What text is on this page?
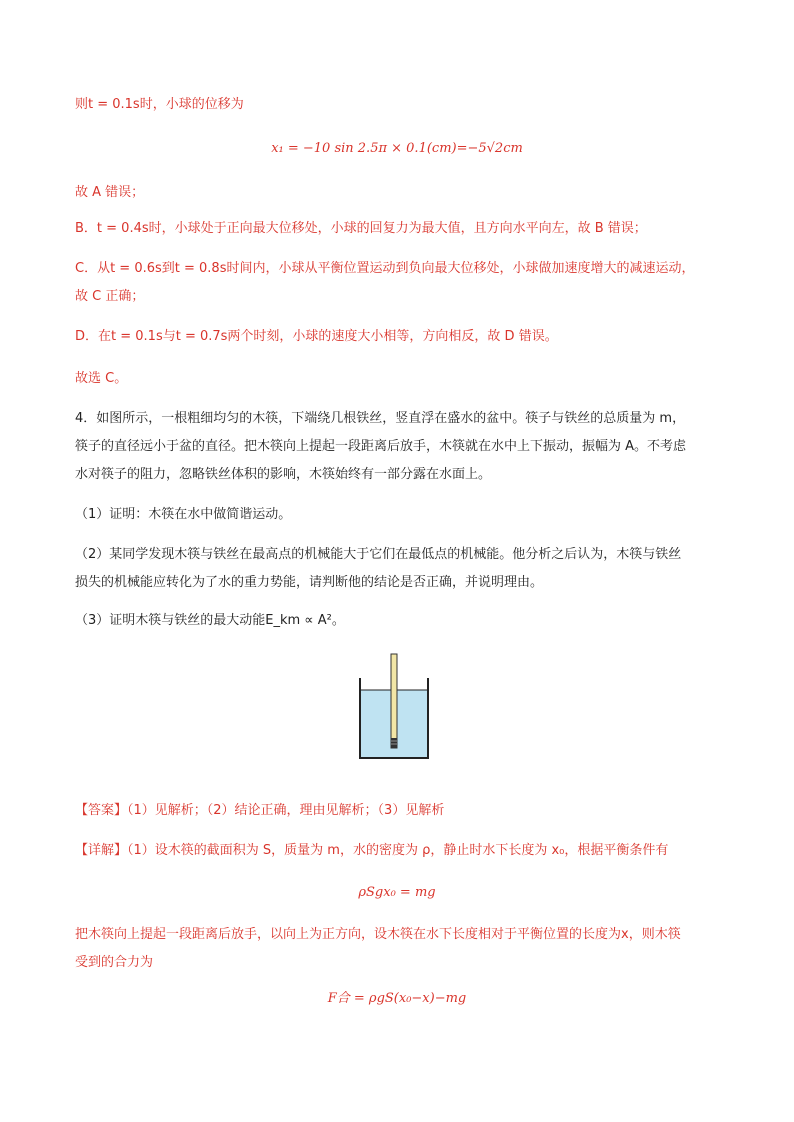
则t = 0.1s时，小球的位移为
x₁ = −10 sin 2.5π × 0.1(cm)=−5√2cm
故 A 错误；
B．t = 0.4s时，小球处于正向最大位移处，小球的回复力为最大值，且方向水平向左，故 B 错误；
C．从t = 0.6s到t = 0.8s时间内，小球从平衡位置运动到负向最大位移处，小球做加速度增大的减速运动，
故 C 正确；
D．在t = 0.1s与t = 0.7s两个时刻，小球的速度大小相等，方向相反，故 D 错误。
故选 C。
4．如图所示，一根粗细均匀的木筷，下端绕几根铁丝，竖直浮在盛水的盆中。筷子与铁丝的总质量为 m，
筷子的直径远小于盆的直径。把木筷向上提起一段距离后放手，木筷就在水中上下振动，振幅为 A。不考虑
水对筷子的阻力，忽略铁丝体积的影响，木筷始终有一部分露在水面上。
（1）证明：木筷在水中做简谐运动。
（2）某同学发现木筷与铁丝在最高点的机械能大于它们在最低点的机械能。他分析之后认为，木筷与铁丝
损失的机械能应转化为了水的重力势能，请判断他的结论是否正确，并说明理由。
（3）证明木筷与铁丝的最大动能E_km ∝ A²。
【答案】（1）见解析；（2）结论正确，理由见解析；（3）见解析
【详解】（1）设木筷的截面积为 S，质量为 m，水的密度为 ρ，静止时水下长度为 x₀，根据平衡条件有
ρSgx₀ = mg
把木筷向上提起一段距离后放手，以向上为正方向，设木筷在水下长度相对于平衡位置的长度为x，则木筷
受到的合力为
F合 = ρgS(x₀−x)−mg
